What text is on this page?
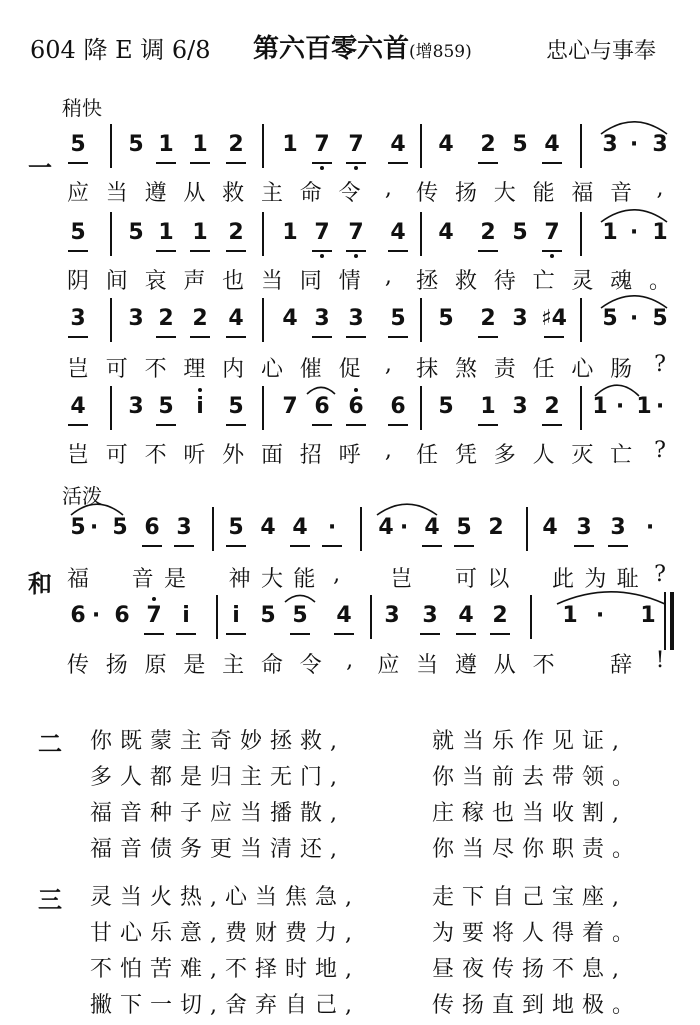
604 降 E 调 6/8 第六百零六首(增859)	忠心与事奉
稍快
活泼
一
和
5 5 1 1 2 1 7 7 4 4 2 5 4 3 · 3
5 5 1 1 2 1 7 7 4 4 2 5 7 1 · 1
3 3 2 2 4 4 3 3 5 5 2 3 ♯4 5 · 5
4 3 5	i	5 7 6 6 6 5 1 3 2 1 · 1 ·
5 · 5 6 3 5 4 4 ·	4 · 4 5 2 4 3 3 ·
6 · 6 7 i	i 5 5 4 3 3 4 2 1 ·	1
应 当 遵 从 救 主 命 令	,	传 扬 大 能 福 音	,
阴 间 哀 声 也 当 同 情	,	拯 救 待 亡 灵 魂 。
岂 可 不 理 内 心 催 促	,	抹 煞 责 任 心 肠 ?
岂 可 不 听 外 面 招 呼	,	任 凭 多 人 灭 亡 ?
福 音 是 神 大 能 ,	岂 可 以 此 为 耻 ?
传 扬 原 是 主 命 令	,	应 当 遵 从 不	辞	!
二 你既蒙主奇妙拯救,	就当乐作见证,
多人都是归主无门,	你当前去带领。
福音种子应当播散,	庄稼也当收割,
福音债务更当清还,	你当尽你职责。
三 灵当火热,心当焦急,	走下自己宝座,
甘心乐意,费财费力,	为要将人得着。
不怕苦难,不择时地,	昼夜传扬不息,
撇下一切,舍弃自己,	传扬直到地极。
